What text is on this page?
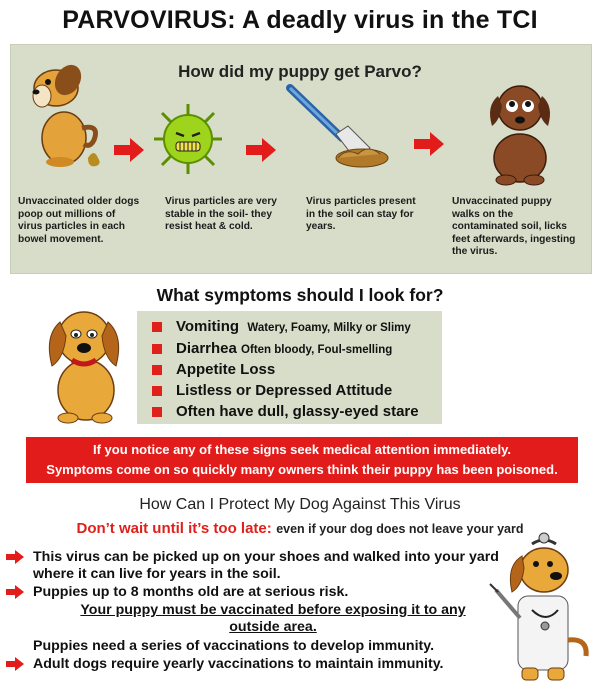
PARVOVIRUS: A deadly virus in the TCI
How did my puppy get Parvo?
Unvaccinated older dogs poop out millions of virus particles in each bowel movement.
Virus particles are very stable in the soil- they resist heat & cold.
Virus particles present in the soil can stay for years.
Unvaccinated puppy walks on the contaminated soil, licks feet afterwards, ingesting the virus.
What symptoms should I look for?
Vomiting Watery, Foamy, Milky or Slimy
Diarrhea Often bloody, Foul-smelling
Appetite Loss
Listless or Depressed Attitude
Often have dull, glassy-eyed stare
If you notice any of these signs seek medical attention immediately.
Symptoms come on so quickly many owners think their puppy has been poisoned.
How Can I Protect My Dog Against This Virus
Don’t wait until it’s too late: even if your dog does not leave your yard
This virus can be picked up on your shoes and walked into your yard where it can live for years in the soil.
Puppies up to 8 months old are at serious risk.
Your puppy must be vaccinated before exposing it to any outside area.
Puppies need a series of vaccinations to develop immunity.
Adult dogs require yearly vaccinations to maintain immunity.
